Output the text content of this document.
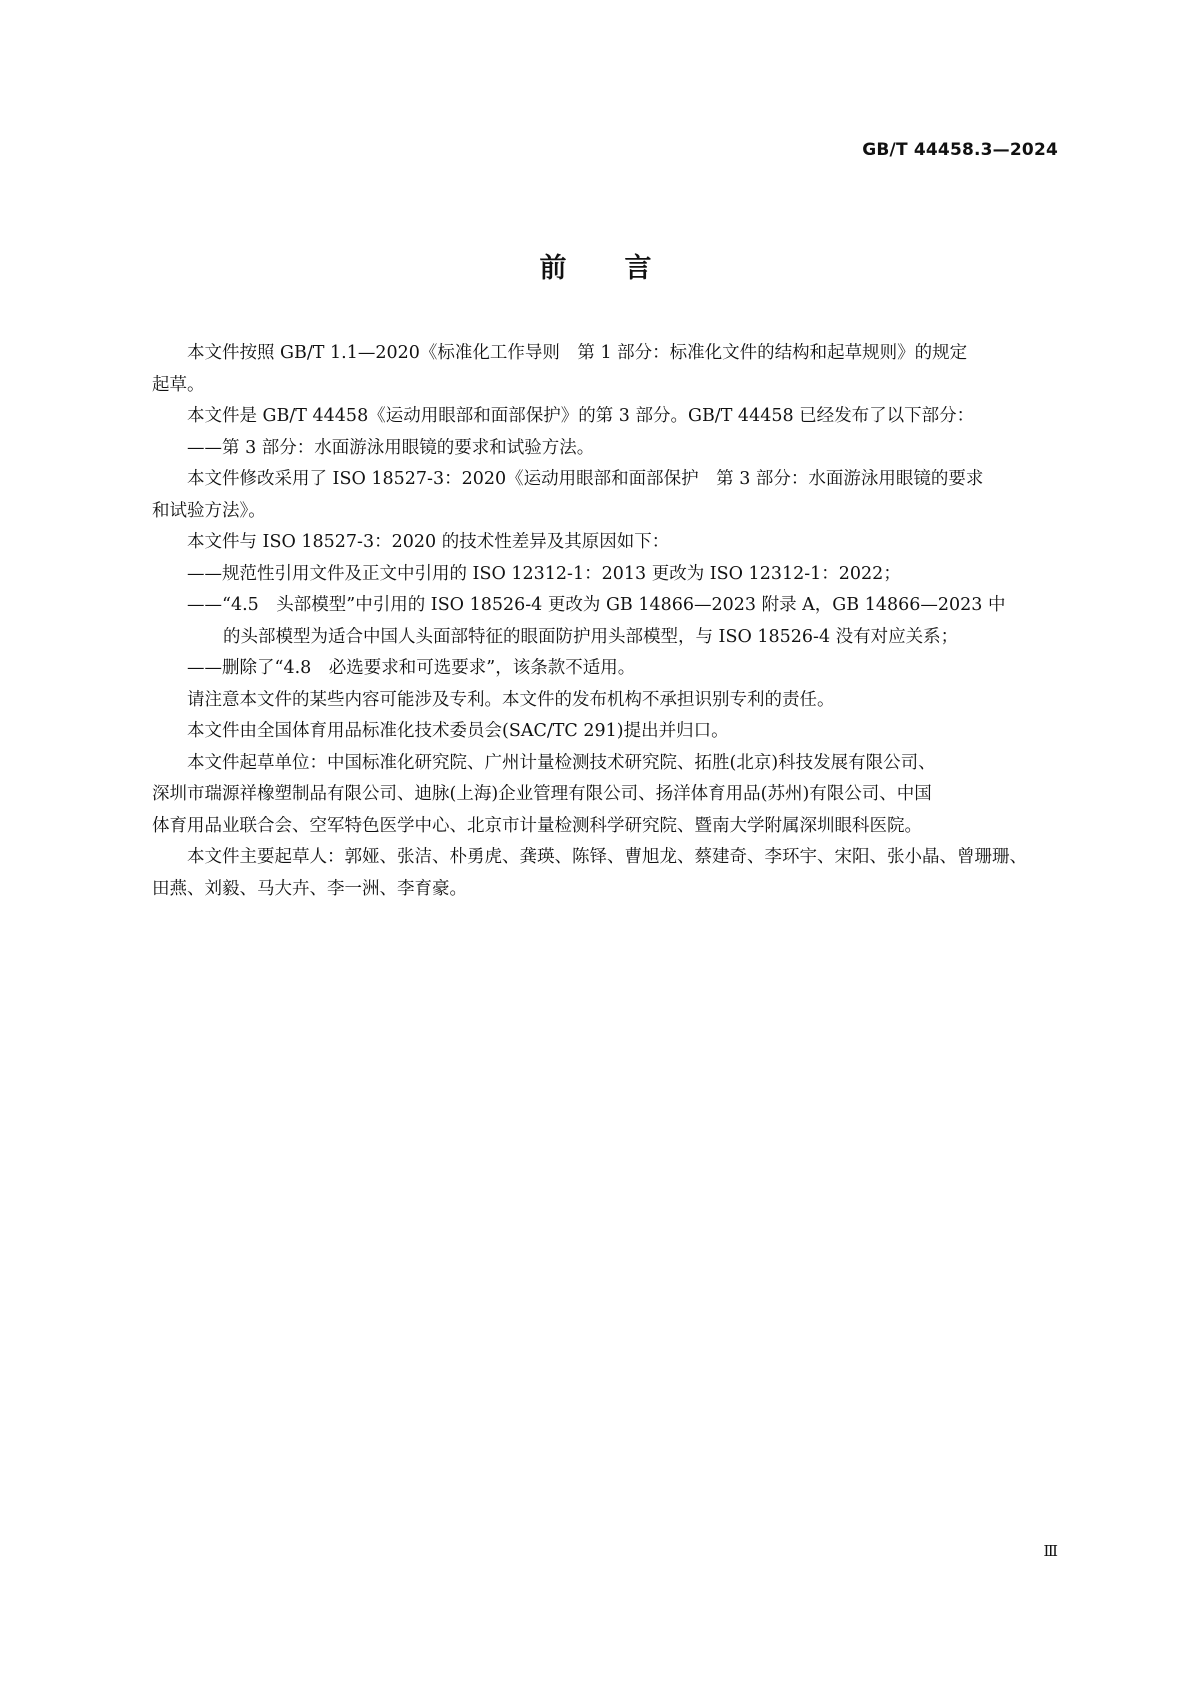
GB/T 44458.3—2024
前言
本文件按照 GB/T 1.1—2020《标准化工作导则　第 1 部分：标准化文件的结构和起草规则》的规定
起草。
本文件是 GB/T 44458《运动用眼部和面部保护》的第 3 部分。GB/T 44458 已经发布了以下部分：
——第 3 部分：水面游泳用眼镜的要求和试验方法。
本文件修改采用了 ISO 18527-3：2020《运动用眼部和面部保护　第 3 部分：水面游泳用眼镜的要求
和试验方法》。
本文件与 ISO 18527-3：2020 的技术性差异及其原因如下：
——规范性引用文件及正文中引用的 ISO 12312-1：2013 更改为 ISO 12312-1：2022；
——“4.5　头部模型”中引用的 ISO 18526-4 更改为 GB 14866—2023 附录 A，GB 14866—2023 中
的头部模型为适合中国人头面部特征的眼面防护用头部模型，与 ISO 18526-4 没有对应关系；
——删除了“4.8　必选要求和可选要求”，该条款不适用。
请注意本文件的某些内容可能涉及专利。本文件的发布机构不承担识别专利的责任。
本文件由全国体育用品标准化技术委员会(SAC/TC 291)提出并归口。
本文件起草单位：中国标准化研究院、广州计量检测技术研究院、拓胜(北京)科技发展有限公司、
深圳市瑞源祥橡塑制品有限公司、迪脉(上海)企业管理有限公司、扬洋体育用品(苏州)有限公司、中国
体育用品业联合会、空军特色医学中心、北京市计量检测科学研究院、暨南大学附属深圳眼科医院。
本文件主要起草人：郭娅、张洁、朴勇虎、龚瑛、陈铎、曹旭龙、蔡建奇、李环宇、宋阳、张小晶、曾珊珊、
田燕、刘毅、马大卉、李一洲、李育豪。
Ⅲ
